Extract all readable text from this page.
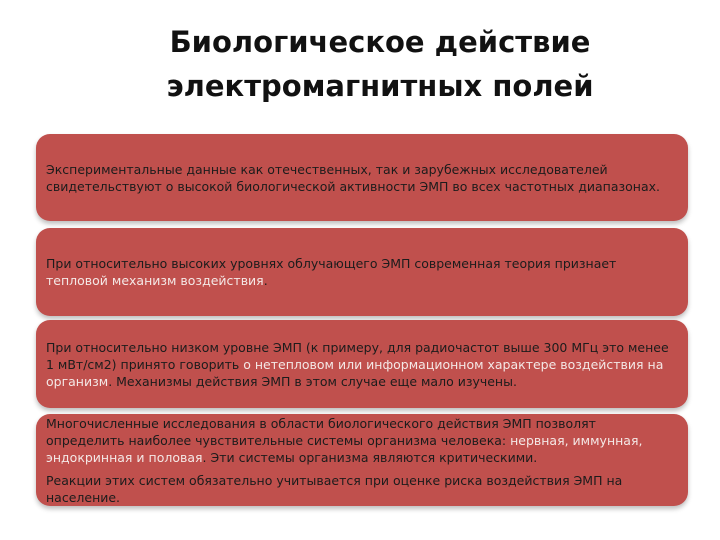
Биологическое действие
электромагнитных полей

Экспериментальные данные как отечественных, так и зарубежных исследователей свидетельствуют о высокой биологической активности ЭМП во всех частотных диапазонах.

При относительно высоких уровнях облучающего ЭМП современная теория признает тепловой механизм воздействия.

При относительно низком уровне ЭМП (к примеру, для радиочастот выше 300 МГц это менее 1 мВт/см2) принято говорить о нетепловом или информационном характере воздействия на организм. Механизмы действия ЭМП в этом случае еще мало изучены.

Многочисленные исследования в области биологического действия ЭМП позволят определить наиболее чувствительные системы организма человека: нервная, иммунная, эндокринная и половая. Эти системы организма являются критическими.

Реакции этих систем обязательно учитывается при оценке риска воздействия ЭМП на население.
